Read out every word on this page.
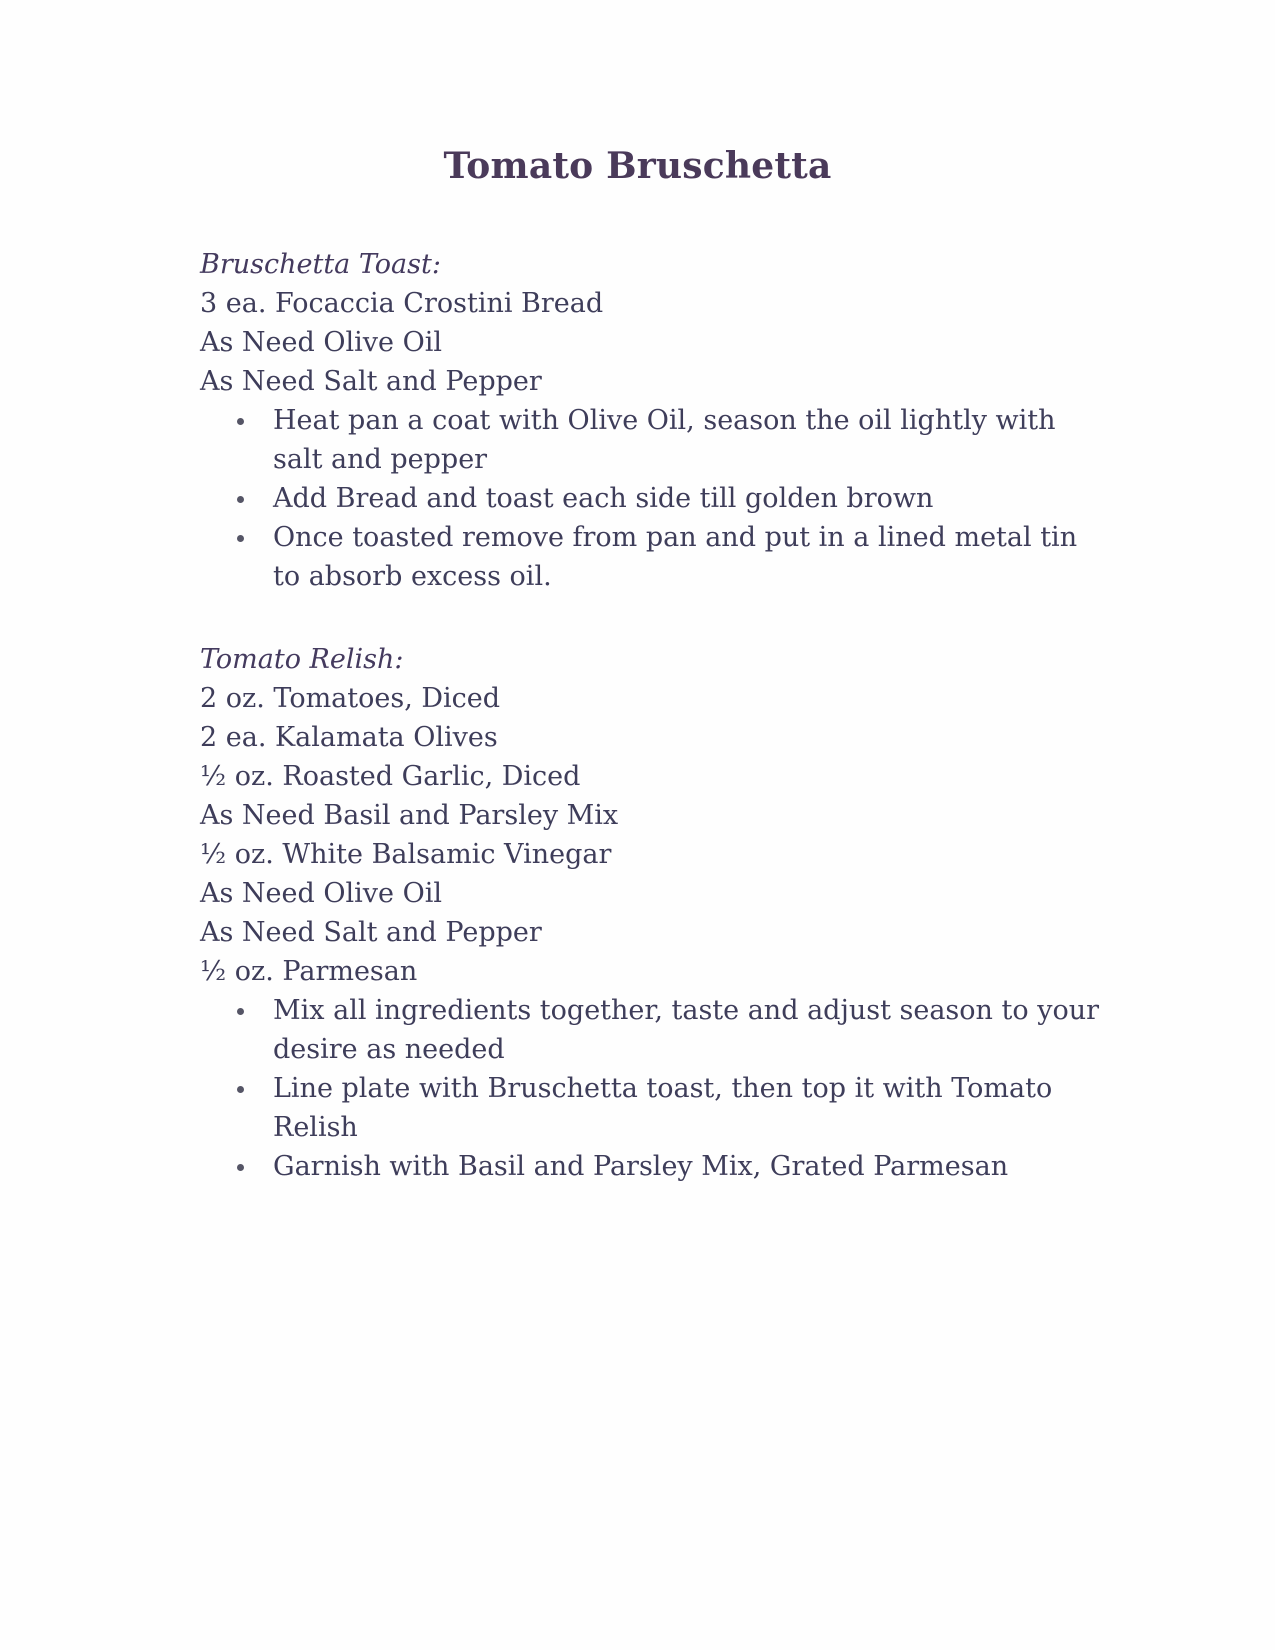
Tomato Bruschetta
Bruschetta Toast:
3 ea. Focaccia Crostini Bread
As Need Olive Oil
As Need Salt and Pepper
Heat pan a coat with Olive Oil, season the oil lightly with salt and pepper
Add Bread and toast each side till golden brown
Once toasted remove from pan and put in a lined metal tin to absorb excess oil.
Tomato Relish:
2 oz. Tomatoes, Diced
2 ea. Kalamata Olives
½ oz. Roasted Garlic, Diced
As Need Basil and Parsley Mix
½ oz. White Balsamic Vinegar
As Need Olive Oil
As Need Salt and Pepper
½ oz. Parmesan
Mix all ingredients together, taste and adjust season to your desire as needed
Line plate with Bruschetta toast, then top it with Tomato Relish
Garnish with Basil and Parsley Mix, Grated Parmesan
